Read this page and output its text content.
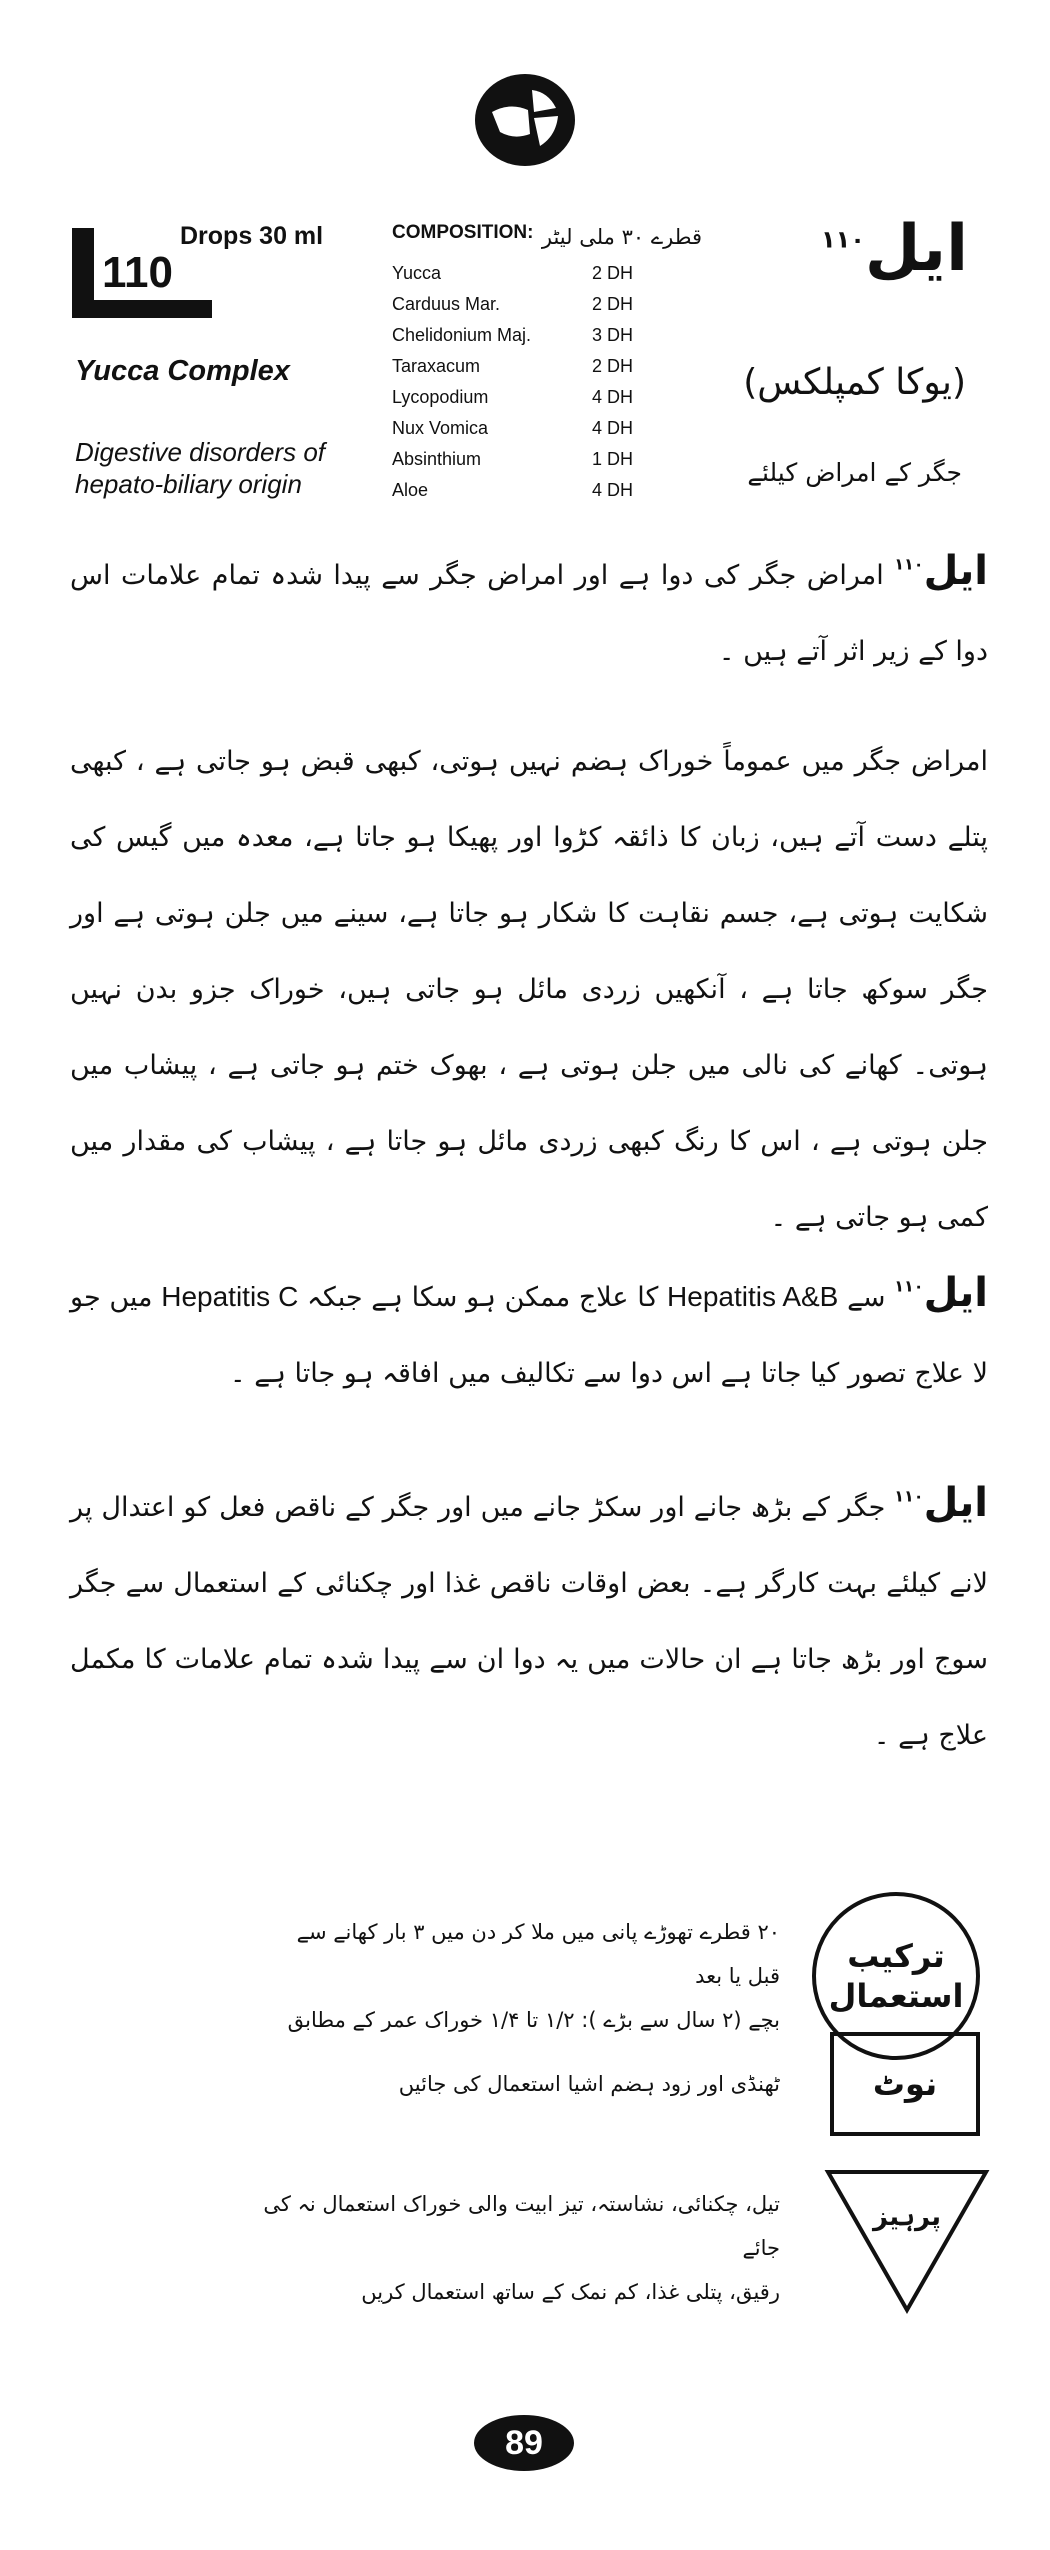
110
Drops 30 ml
Yucca Complex
Digestive disorders of hepato-biliary origin
COMPOSITION:
Yucca	2 DH
Carduus Mar.	2 DH
Chelidonium Maj.	3 DH
Taraxacum	2 DH
Lycopodium	4 DH
Nux Vomica	4 DH
Absinthium	1 DH
Aloe	4 DH
قطرے ۳۰ ملی لیٹر	ایل$^{۱۱۰}$
(یوکا کمپلکس)
جگر کے امراض کیلئے

ایل$^{۱۱۰}$ امراض جگر کی دوا ہے اور امراض جگر سے پیدا شدہ تمام علامات اس دوا کے زیر اثر آتے ہیں ۔

امراض جگر میں عموماً خوراک ہضم نہیں ہوتی، کبھی قبض ہو جاتی ہے ، کبھی پتلے دست آتے ہیں، زبان کا ذائقہ کڑوا اور پھیکا ہو جاتا ہے، معدہ میں گیس کی شکایت ہوتی ہے، جسم نقاہت کا شکار ہو جاتا ہے، سینے میں جلن ہوتی ہے اور جگر سوکھ جاتا ہے ، آنکھیں زردی مائل ہو جاتی ہیں، خوراک جزو بدن نہیں ہوتی۔ کھانے کی نالی میں جلن ہوتی ہے ، بھوک ختم ہو جاتی ہے ، پیشاب میں جلن ہوتی ہے ، اس کا رنگ کبھی زردی مائل ہو جاتا ہے ، پیشاب کی مقدار میں کمی ہو جاتی ہے ۔

ایل$^{۱۱۰}$ سے Hepatitis A&B کا علاج ممکن ہو سکا ہے جبکہ Hepatitis C میں جو لا علاج تصور کیا جاتا ہے اس دوا سے تکالیف میں افاقہ ہو جاتا ہے ۔

ایل$^{۱۱۰}$ جگر کے بڑھ جانے اور سکڑ جانے میں اور جگر کے ناقص فعل کو اعتدال پر لانے کیلئے بہت کارگر ہے۔ بعض اوقات ناقص غذا اور چکنائی کے استعمال سے جگر سوج اور بڑھ جاتا ہے ان حالات میں یہ دوا ان سے پیدا شدہ تمام علامات کا مکمل علاج ہے ۔

ترکیب
استعمال
۲۰ قطرے تھوڑے پانی میں ملا کر دن میں ۳ بار کھانے سے قبل یا بعد
بچے (۲ سال سے بڑے ): ۱/۲ تا ۱/۴ خوراک عمر کے مطابق
نوٹ
ٹھنڈی اور زود ہضم اشیا استعمال کی جائیں
پرہیز
تیل، چکنائی، نشاستہ، تیز ابیت والی خوراک استعمال نہ کی جائے
رقیق، پتلی غذا، کم نمک کے ساتھ استعمال کریں
89
